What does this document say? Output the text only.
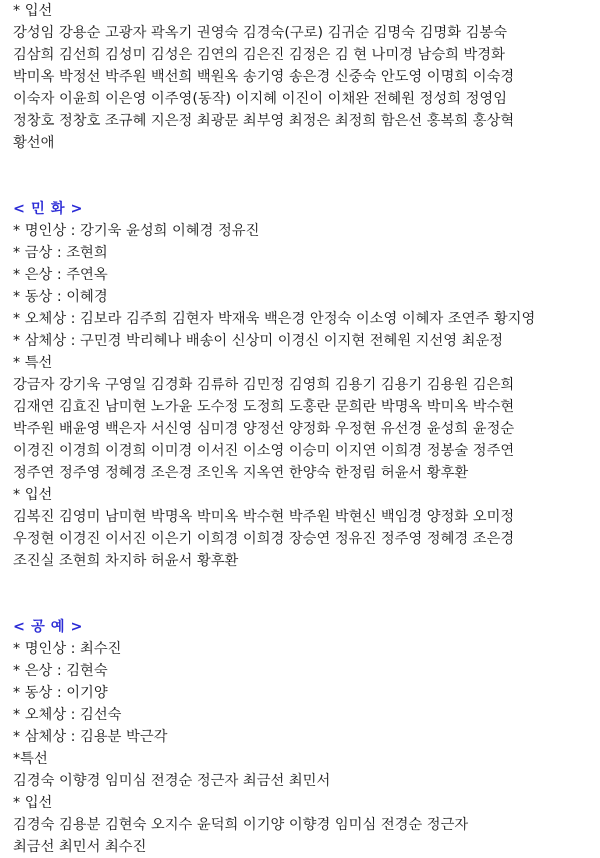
* 입선
강성임 강용순 고광자 곽옥기 권영숙 김경숙(구로) 김귀순 김명숙 김명화 김봉숙
김삼희 김선희 김성미 김성은 김연의 김은진 김정은 김 현 나미경 남승희 박경화
박미옥 박정선 박주원 백선희 백원옥 송기영 송은경 신중숙 안도영 이명희 이숙경
이숙자 이윤희 이은영 이주영(동작) 이지혜 이진이 이채완 전혜원 정성희 정영임
정창호 정창호 조규혜 지은정 최광문 최부영 최정은 최정희 함은선 홍복희 홍상혁
황선애
< 민 화 >
* 명인상 : 강기욱 윤성희 이혜경 정유진
* 금상 : 조현희
* 은상 : 주연옥
* 동상 : 이혜경
* 오체상 : 김보라 김주희 김현자 박재욱 백은경 안정숙 이소영 이혜자 조연주 황지영
* 삼체상 : 구민경 박리혜나 배송이 신상미 이경신 이지현 전혜원 지선영 최운정
* 특선
강금자 강기욱 구영일 김경화 김류하 김민정 김영희 김용기 김용기 김용원 김은희
김재연 김효진 남미현 노가윤 도수정 도정희 도홍란 문희란 박명옥 박미옥 박수현
박주원 배윤영 백은자 서신영 심미경 양정선 양정화 우정현 유선경 윤성희 윤정순
이경진 이경희 이경희 이미경 이서진 이소영 이승미 이지연 이희경 정봉술 정주연
정주연 정주영 정혜경 조은경 조인옥 지옥연 한양숙 한정림 허윤서 황후환
* 입선
김복진 김영미 남미현 박명옥 박미옥 박수현 박주원 박현신 백임경 양정화 오미정
우정현 이경진 이서진 이은기 이희경 이희경 장승연 정유진 정주영 정혜경 조은경
조진실 조현희 차지하 허윤서 황후환
< 공 예 >
* 명인상 : 최수진
* 은상 : 김현숙
* 동상 : 이기양
* 오체상 : 김선숙
* 삼체상 : 김용분 박근각
*특선
김경숙 이향경 임미심 전경순 정근자 최금선 최민서
* 입선
김경숙 김용분 김현숙 오지수 윤덕희 이기양 이향경 임미심 전경순 정근자
최금선 최민서 최수진
